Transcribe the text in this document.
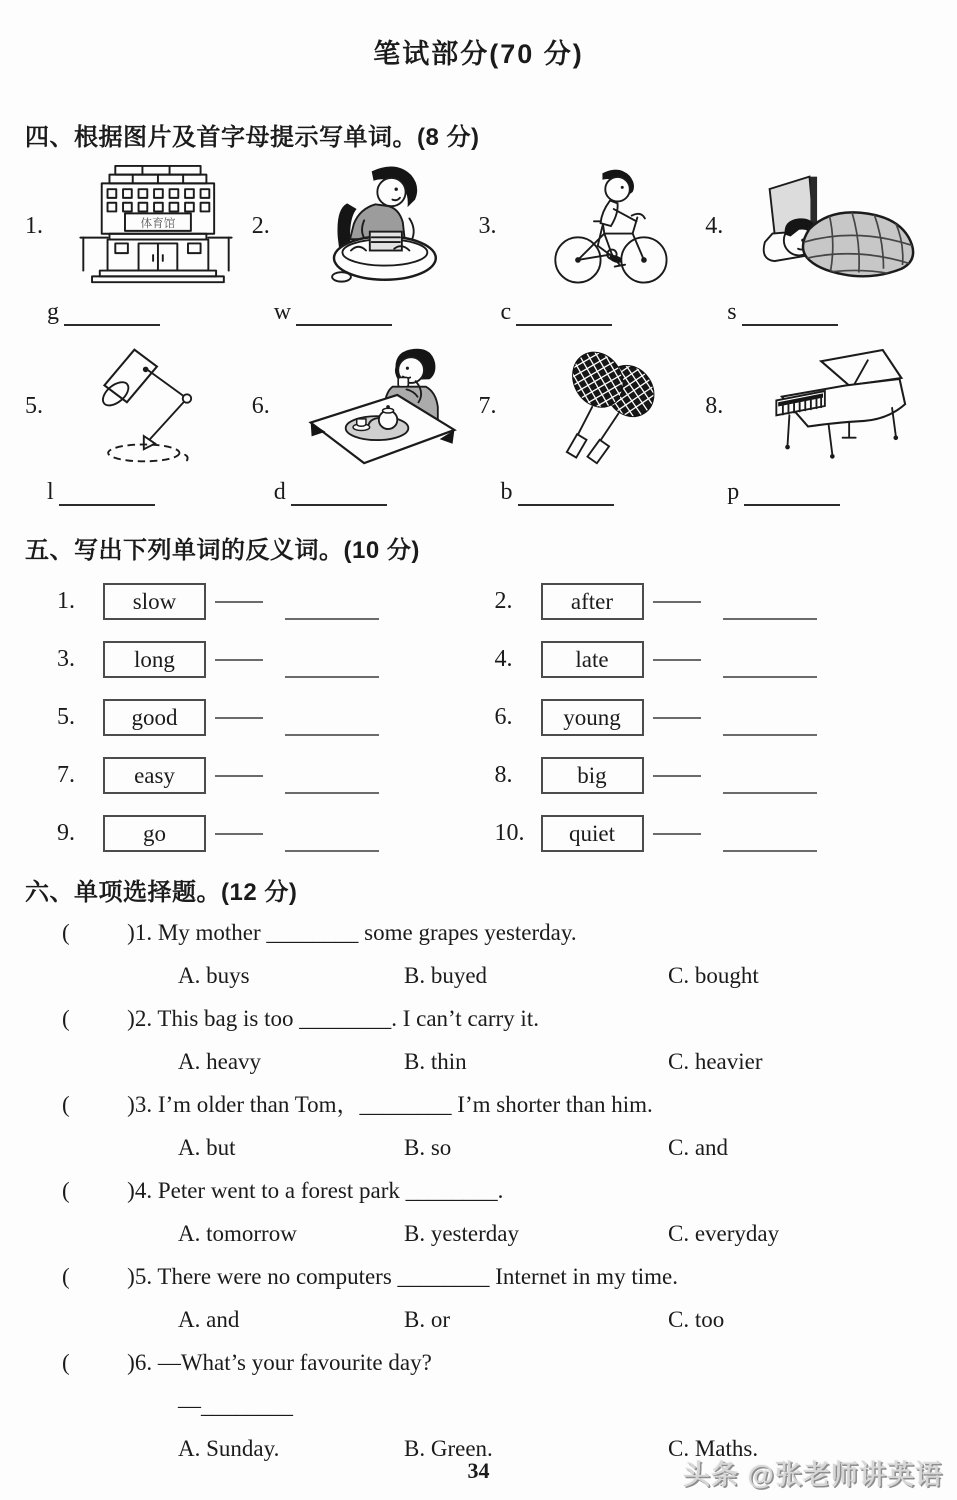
笔试部分(70 分)
四、根据图片及首字母提示写单词。(8 分)
1.	体育馆
g
2.
w
3.
c
4.
s
5.
l
6.
d
7.
b
8.
p
五、写出下列单词的反义词。(10 分)
1.	slow	2.	after
3.	long	4.	late
5.	good	6.	young
7.	easy	8.	big
9.	go	10.	quiet
六、单项选择题。(12 分)
(          )1. My mother ________ some grapes yesterday.
A. buys	B. buyed	C. bought
(          )2. This bag is too ________. I can’t carry it.
A. heavy	B. thin	C. heavier
(          )3. I’m older than Tom，________ I’m shorter than him.
A. but	B. so	C. and
(          )4. Peter went to a forest park ________.
A. tomorrow	B. yesterday	C. everyday
(          )5. There were no computers ________ Internet in my time.
A. and	B. or	C. too
(          )6. —What’s your favourite day?
—________
A. Sunday.	B. Green.	C. Maths.
34	头条 @张老师讲英语
